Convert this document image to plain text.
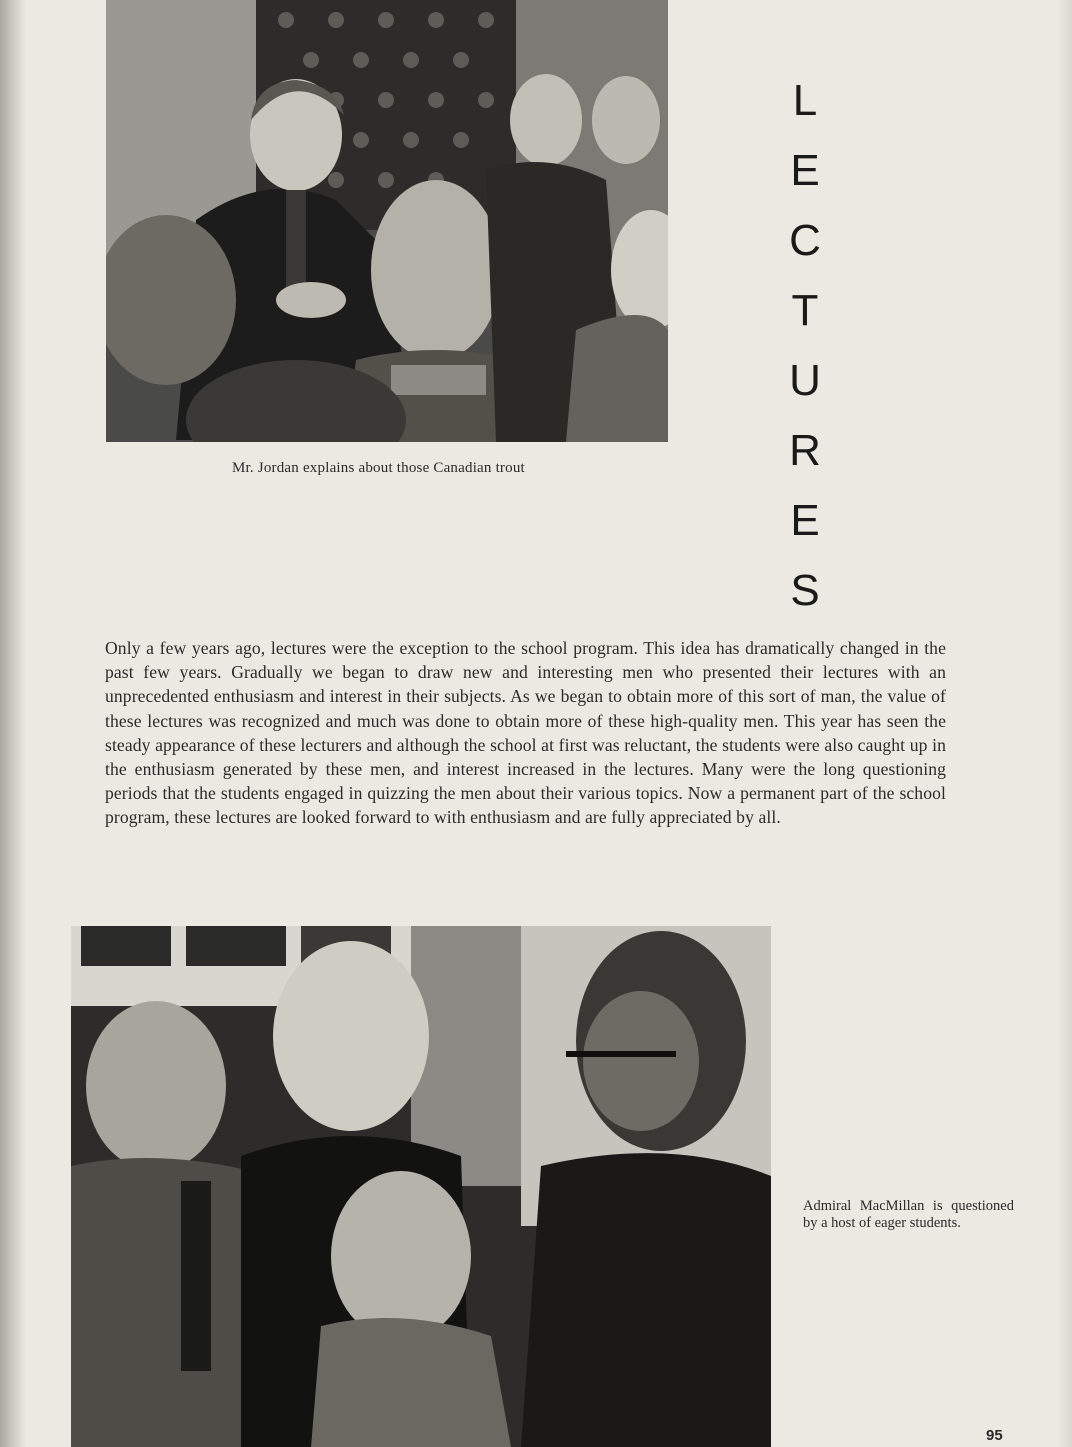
Mr. Jordan explains about those Canadian trout
L
E
C
T
U
R
E
S
Only a few years ago, lectures were the exception to the school program. This idea has dramatically changed in the past few years. Gradually we began to draw new and interesting men who presented their lectures with an unprecedented enthusiasm and interest in their subjects. As we began to obtain more of this sort of man, the value of these lectures was recognized and much was done to obtain more of these high-quality men. This year has seen the steady appearance of these lecturers and although the school at first was reluctant, the students were also caught up in the enthusiasm generated by these men, and interest increased in the lectures. Many were the long questioning periods that the students engaged in quizzing the men about their various topics. Now a permanent part of the school program, these lectures are looked forward to with enthusiasm and are fully appreciated by all.
Admiral MacMillan is questioned by a host of eager students.
95
